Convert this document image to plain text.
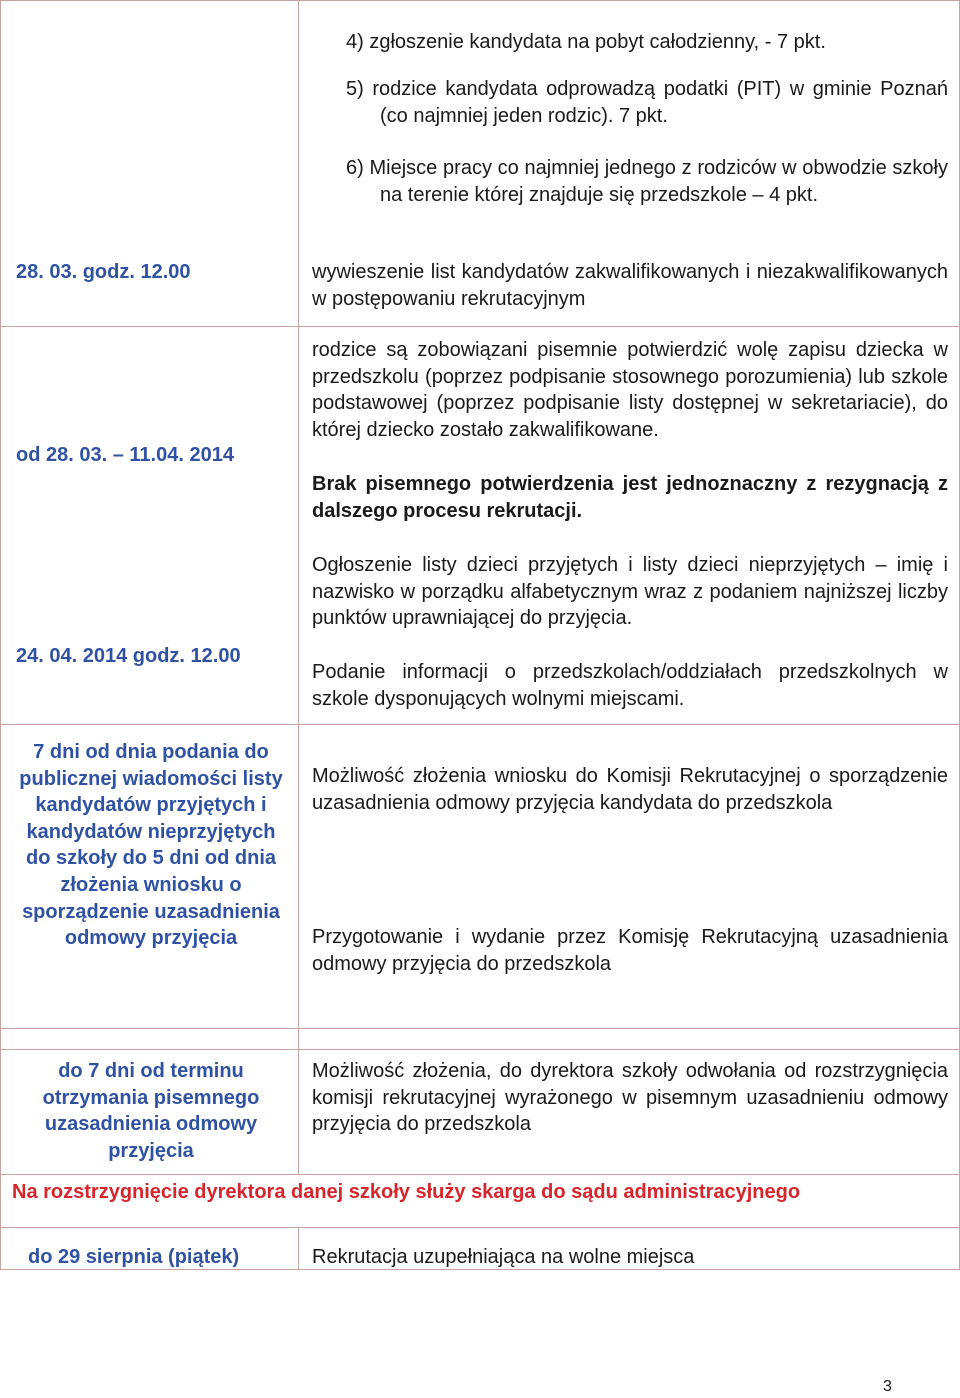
4) zgłoszenie kandydata na pobyt całodzienny, - 7 pkt.
5) rodzice kandydata odprowadzą podatki (PIT) w gminie Poznań (co najmniej jeden rodzic). 7 pkt.
6) Miejsce pracy co najmniej jednego z rodziców w obwodzie szkoły na terenie której znajduje się przedszkole – 4 pkt.
28. 03. godz. 12.00	wywieszenie list kandydatów zakwalifikowanych i niezakwalifikowanych w postępowaniu rekrutacyjnym
od 28. 03. – 11.04. 2014
rodzice są zobowiązani pisemnie potwierdzić wolę zapisu dziecka w przedszkolu (poprzez podpisanie stosownego porozumienia) lub szkole podstawowej (poprzez podpisanie listy dostępnej w sekretariacie), do której dziecko zostało zakwalifikowane.
Brak pisemnego potwierdzenia jest jednoznaczny z rezygnacją z dalszego procesu rekrutacji.
24. 04. 2014 godz. 12.00
Ogłoszenie listy dzieci przyjętych i listy dzieci nieprzyjętych – imię i nazwisko w porządku alfabetycznym wraz z podaniem najniższej liczby punktów uprawniającej do przyjęcia.
Podanie informacji o przedszkolach/oddziałach przedszkolnych w szkole dysponujących wolnymi miejscami.
7 dni od dnia podania do publicznej wiadomości listy kandydatów przyjętych i kandydatów nieprzyjętych do szkoły do 5 dni od dnia złożenia wniosku o sporządzenie uzasadnienia odmowy przyjęcia
Możliwość złożenia wniosku do Komisji Rekrutacyjnej o sporządzenie uzasadnienia odmowy przyjęcia kandydata do przedszkola
Przygotowanie i wydanie przez Komisję Rekrutacyjną uzasadnienia odmowy przyjęcia do przedszkola
do 7 dni od terminu otrzymania pisemnego uzasadnienia odmowy przyjęcia
Możliwość złożenia, do dyrektora szkoły odwołania od rozstrzygnięcia komisji rekrutacyjnej wyrażonego w pisemnym uzasadnieniu odmowy przyjęcia do przedszkola
Na rozstrzygnięcie dyrektora danej szkoły służy skarga do sądu administracyjnego
do 29 sierpnia (piątek)	Rekrutacja uzupełniająca na wolne miejsca
3
